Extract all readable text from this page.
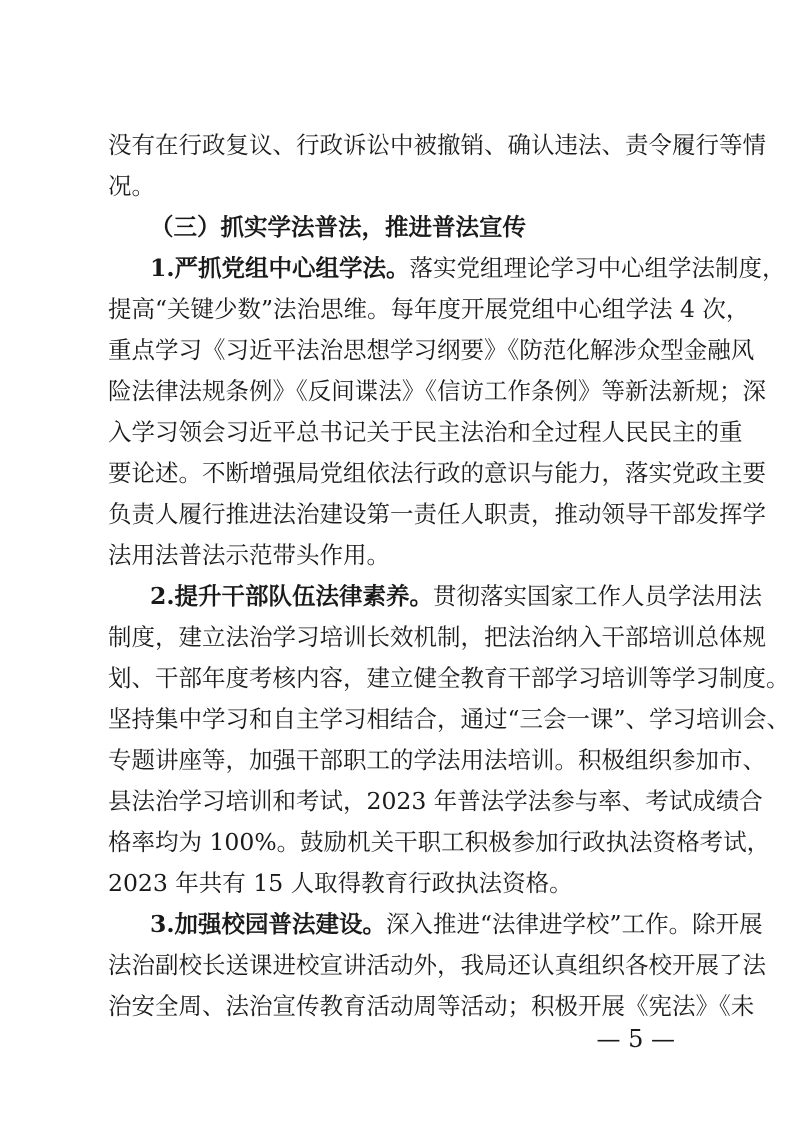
没有在行政复议、行政诉讼中被撤销、确认违法、责令履行等情
况。
（三）抓实学法普法，推进普法宣传
1.严抓党组中心组学法。落实党组理论学习中心组学法制度，
提高“关键少数”法治思维。每年度开展党组中心组学法 4 次，
重点学习《习近平法治思想学习纲要》《防范化解涉众型金融风
险法律法规条例》《反间谍法》《信访工作条例》等新法新规；深
入学习领会习近平总书记关于民主法治和全过程人民民主的重
要论述。不断增强局党组依法行政的意识与能力，落实党政主要
负责人履行推进法治建设第一责任人职责，推动领导干部发挥学
法用法普法示范带头作用。
2.提升干部队伍法律素养。贯彻落实国家工作人员学法用法
制度，建立法治学习培训长效机制，把法治纳入干部培训总体规
划、干部年度考核内容，建立健全教育干部学习培训等学习制度。
坚持集中学习和自主学习相结合，通过“三会一课”、学习培训会、
专题讲座等，加强干部职工的学法用法培训。积极组织参加市、
县法治学习培训和考试，2023 年普法学法参与率、考试成绩合
格率均为 100%。鼓励机关干职工积极参加行政执法资格考试，
2023 年共有 15 人取得教育行政执法资格。
3.加强校园普法建设。深入推进“法律进学校”工作。除开展
法治副校长送课进校宣讲活动外，我局还认真组织各校开展了法
治安全周、法治宣传教育活动周等活动；积极开展《宪法》《未
— 5 —
